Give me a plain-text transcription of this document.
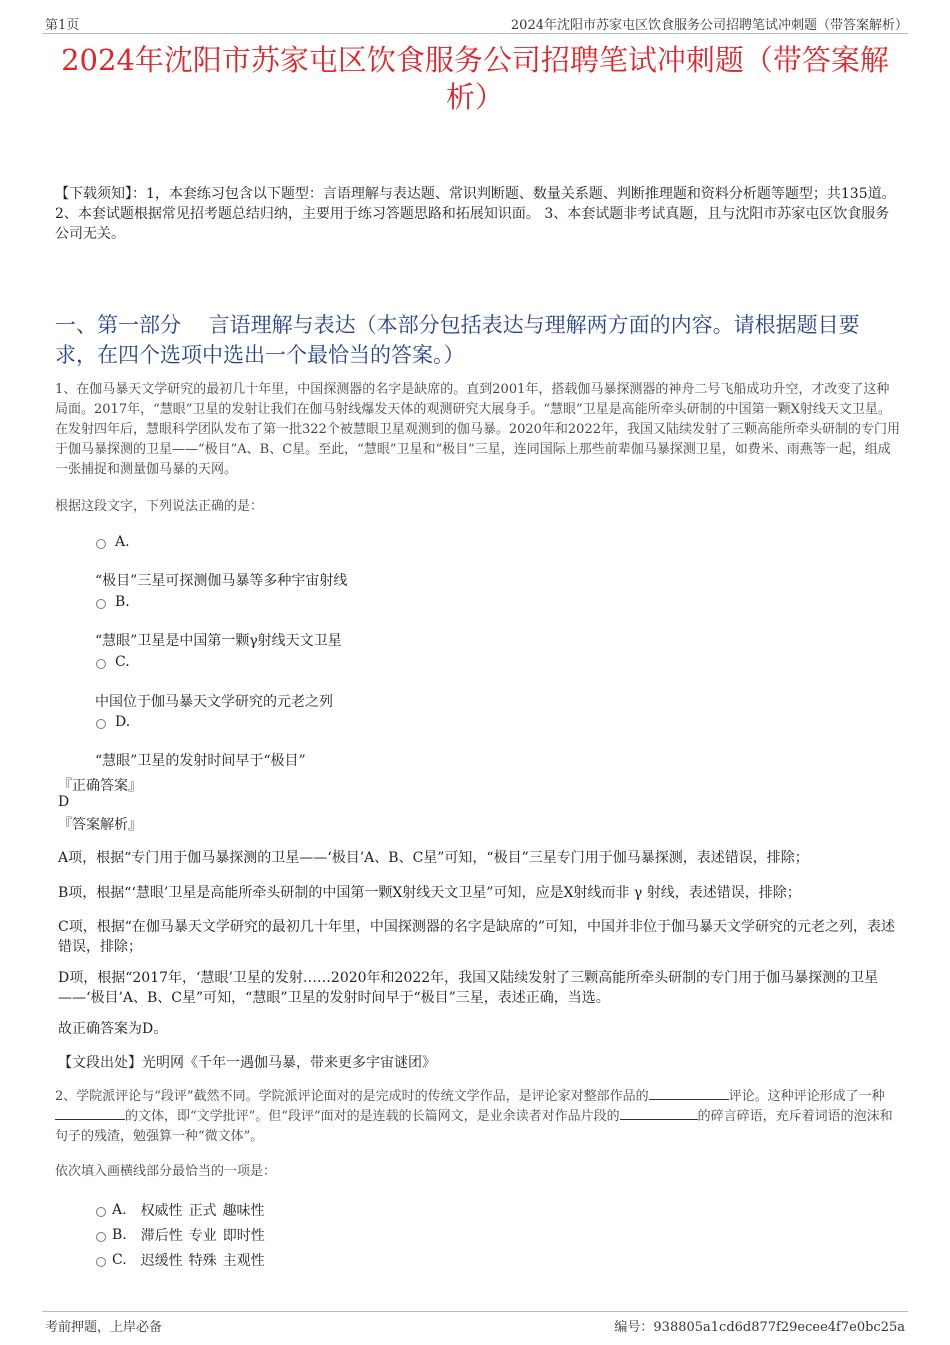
第1页	2024年沈阳市苏家屯区饮食服务公司招聘笔试冲刺题（带答案解析）
2024年沈阳市苏家屯区饮食服务公司招聘笔试冲刺题（带答案解析）
【下载须知】：1，本套练习包含以下题型：言语理解与表达题、常识判断题、数量关系题、判断推理题和资料分析题等题型；共135道。 2、本套试题根据常见招考题总结归纳，主要用于练习答题思路和拓展知识面。 3、本套试题非考试真题，且与沈阳市苏家屯区饮食服务公司无关。
一、第一部分　 言语理解与表达（本部分包括表达与理解两方面的内容。请根据题目要求，在四个选项中选出一个最恰当的答案。）
1、在伽马暴天文学研究的最初几十年里，中国探测器的名字是缺席的。直到2001年，搭载伽马暴探测器的神舟二号飞船成功升空，才改变了这种局面。2017年，“慧眼”卫星的发射让我们在伽马射线爆发天体的观测研究大展身手。“慧眼”卫星是高能所牵头研制的中国第一颗X射线天文卫星。在发射四年后，慧眼科学团队发布了第一批322个被慧眼卫星观测到的伽马暴。2020年和2022年，我国又陆续发射了三颗高能所牵头研制的专门用于伽马暴探测的卫星——“极目”A、B、C星。至此，“慧眼”卫星和“极目”三星，连同国际上那些前辈伽马暴探测卫星，如费米、雨燕等一起，组成一张捕捉和测量伽马暴的天网。
根据这段文字，下列说法正确的是：
A.
“极目”三星可探测伽马暴等多种宇宙射线
B.
“慧眼”卫星是中国第一颗γ射线天文卫星
C.
中国位于伽马暴天文学研究的元老之列
D.
“慧眼”卫星的发射时间早于“极目”
『正确答案』
D
『答案解析』
A项，根据“专门用于伽马暴探测的卫星——‘极目’A、B、C星”可知，“极目”三星专门用于伽马暴探测，表述错误，排除；
B项，根据“‘慧眼’卫星是高能所牵头研制的中国第一颗X射线天文卫星”可知，应是X射线而非 γ 射线，表述错误，排除；
C项，根据“在伽马暴天文学研究的最初几十年里，中国探测器的名字是缺席的”可知，中国并非位于伽马暴天文学研究的元老之列，表述错误，排除；
D项，根据“2017年，‘慧眼’卫星的发射……2020年和2022年，我国又陆续发射了三颗高能所牵头研制的专门用于伽马暴探测的卫星——‘极目’A、B、C星”可知，“慧眼”卫星的发射时间早于“极目”三星，表述正确，当选。
故正确答案为D。
【文段出处】光明网《千年一遇伽马暴，带来更多宇宙谜团》
2、学院派评论与“段评”截然不同。学院派评论面对的是完成时的传统文学作品，是评论家对整部作品的	评论。这种评论形成了一种的文体，即“文学批评”。但“段评”面对的是连载的长篇网文，是业余读者对作品片段的	的碎言碎语，充斥着词语的泡沫和句子的残渣，勉强算一种“微文体”。
依次填入画横线部分最恰当的一项是：
A. 权威性 正式 趣味性
B. 滞后性 专业 即时性
C. 迟缓性 特殊 主观性
考前押题，上岸必备	编号：938805a1cd6d877f29ecee4f7e0bc25a
